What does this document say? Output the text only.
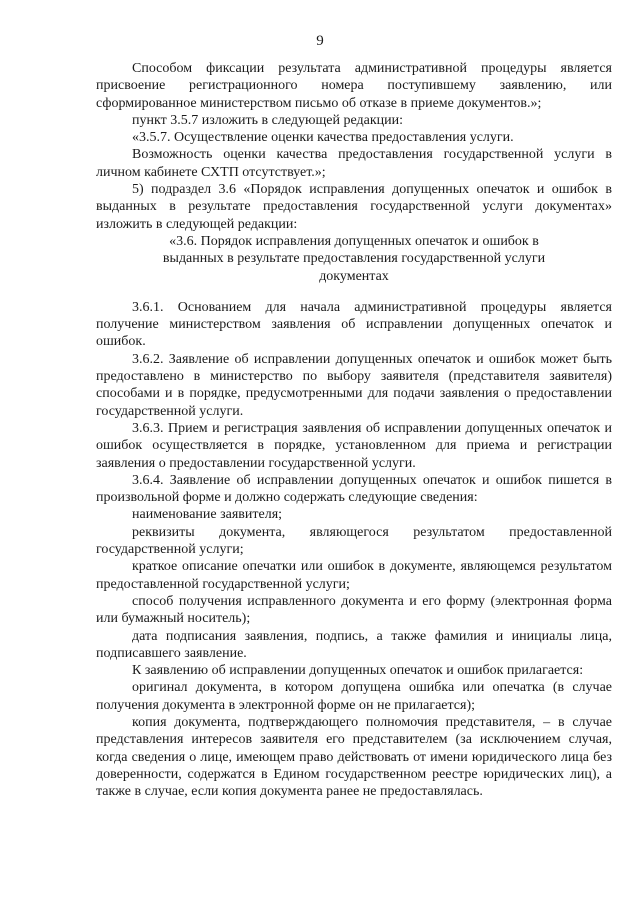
9

Способом фиксации результата административной процедуры является присвоение регистрационного номера поступившему заявлению, или сформированное министерством письмо об отказе в приеме документов.»;

пункт 3.5.7 изложить в следующей редакции:

«3.5.7. Осуществление оценки качества предоставления услуги.

Возможность оценки качества предоставления государственной услуги в личном кабинете СХТП отсутствует.»;

5) подраздел 3.6 «Порядок исправления допущенных опечаток и ошибок в выданных в результате предоставления государственной услуги документах» изложить в следующей редакции:

«3.6. Порядок исправления допущенных опечаток и ошибок в выданных в результате предоставления государственной услуги документах

3.6.1. Основанием для начала административной процедуры является получение министерством заявления об исправлении допущенных опечаток и ошибок.

3.6.2. Заявление об исправлении допущенных опечаток и ошибок может быть предоставлено в министерство по выбору заявителя (представителя заявителя) способами и в порядке, предусмотренными для подачи заявления о предоставлении государственной услуги.

3.6.3. Прием и регистрация заявления об исправлении допущенных опечаток и ошибок осуществляется в порядке, установленном для приема и регистрации заявления о предоставлении государственной услуги.

3.6.4. Заявление об исправлении допущенных опечаток и ошибок пишется в произвольной форме и должно содержать следующие сведения:

наименование заявителя;

реквизиты документа, являющегося результатом предоставленной государственной услуги;

краткое описание опечатки или ошибок в документе, являющемся результатом предоставленной государственной услуги;

способ получения исправленного документа и его форму (электронная форма или бумажный носитель);

дата подписания заявления, подпись, а также фамилия и инициалы лица, подписавшего заявление.

К заявлению об исправлении допущенных опечаток и ошибок прилагается:

оригинал документа, в котором допущена ошибка или опечатка (в случае получения документа в электронной форме он не прилагается);

копия документа, подтверждающего полномочия представителя, – в случае представления интересов заявителя его представителем (за исключением случая, когда сведения о лице, имеющем право действовать от имени юридического лица без доверенности, содержатся в Едином государственном реестре юридических лиц), а также в случае, если копия документа ранее не предоставлялась.
